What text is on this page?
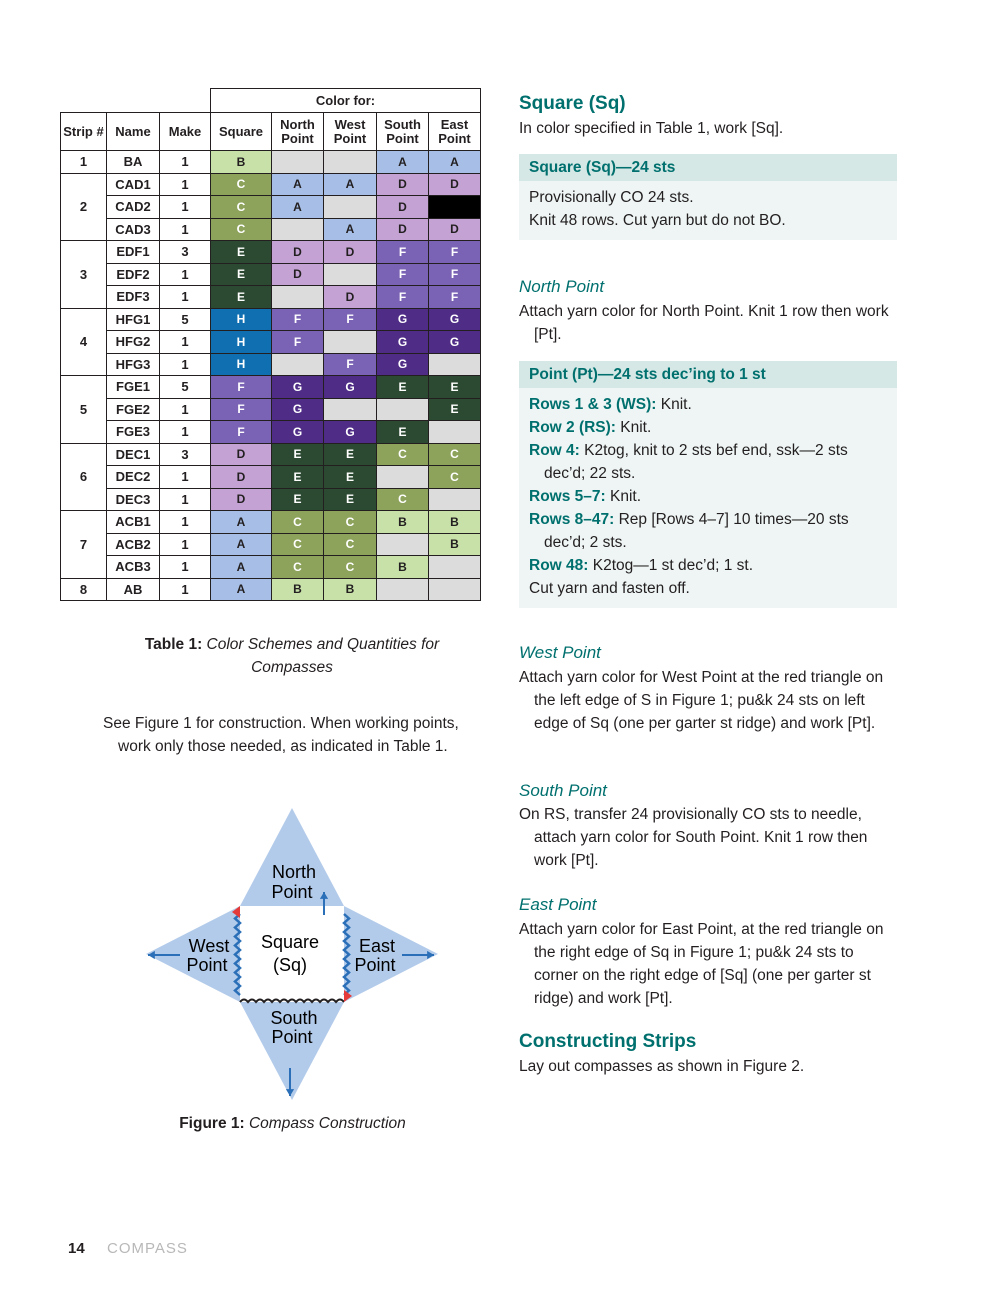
			Color for:				
Strip #	Name	Make	Square	North Point	West Point	South Point	East Point
1	BA	1	B			A	A
2	CAD1	1	C	A	A	D	D
	CAD2	1	C	A		D	
	CAD3	1	C		A	D	D
3	EDF1	3	E	D	D	F	F
	EDF2	1	E	D		F	F
	EDF3	1	E		D	F	F
4	HFG1	5	H	F	F	G	G
	HFG2	1	H	F		G	G
	HFG3	1	H		F	G	
5	FGE1	5	F	G	G	E	E
	FGE2	1	F	G			E
	FGE3	1	F	G	G	E	
6	DEC1	3	D	E	E	C	C
	DEC2	1	D	E	E		C
	DEC3	1	D	E	E	C	
7	ACB1	1	A	C	C	B	B
	ACB2	1	A	C	C		B
	ACB3	1	A	C	C	B	
8	AB	1	A	B	B		
Table 1: Color Schemes and Quantities for Compasses

See Figure 1 for construction. When working points, work only those needed, as indicated in Table 1.

North
Point
West
Point
Square
(Sq)
East
Point
South
Point
Figure 1: Compass Construction
Square (Sq)
In color specified in Table 1, work [Sq].
Square (Sq)—24 sts

Provisionally CO 24 sts.

Knit 48 rows. Cut yarn but do not BO.

North Point

Attach yarn color for North Point. Knit 1 row then work [Pt].

Point (Pt)—24 sts dec’ing to 1 st

Rows 1 & 3 (WS): Knit.

Row 2 (RS): Knit.

Row 4: K2tog, knit to 2 sts bef end, ssk—2 sts dec’d; 22 sts.

Rows 5–7: Knit.

Rows 8–47: Rep [Rows 4–7] 10 times—20 sts dec’d; 2 sts.

Row 48: K2tog—1 st dec’d; 1 st.

Cut yarn and fasten off.

West Point

Attach yarn color for West Point at the red triangle on the left edge of S in Figure 1; pu&k 24 sts on left edge of Sq (one per garter st ridge) and work [Pt].

South Point

On RS, transfer 24 provisionally CO sts to needle, attach yarn color for South Point. Knit 1 row then work [Pt].

East Point

Attach yarn color for East Point, at the red triangle on the right edge of Sq in Figure 1; pu&k 24 sts to corner on the right edge of [Sq] (one per garter st ridge) and work [Pt].

Constructing Strips
Lay out compasses as shown in Figure 2.
14 COMPASS
